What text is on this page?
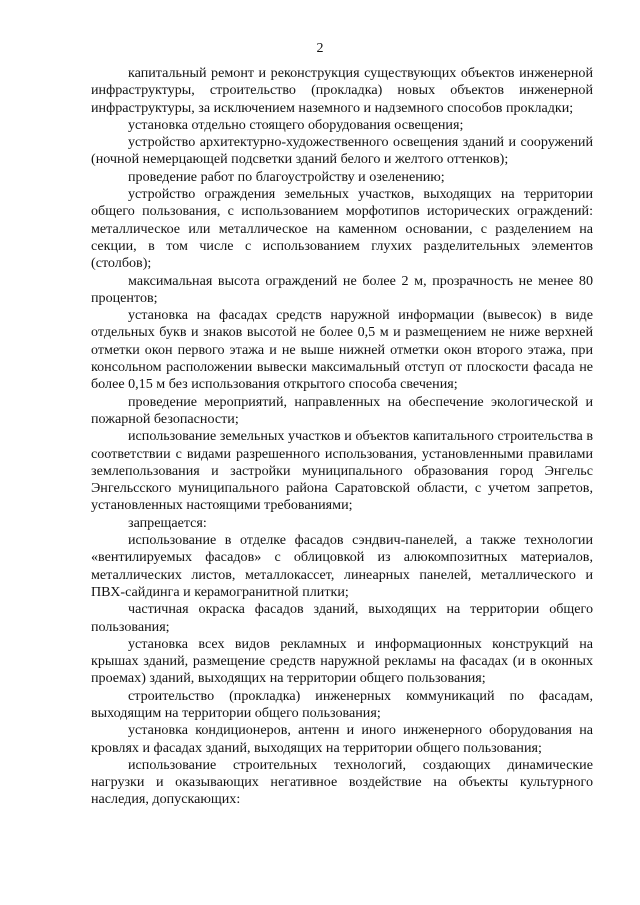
2

капитальный ремонт и реконструкция существующих объектов инженерной инфраструктуры, строительство (прокладка) новых объектов инженерной инфраструктуры, за исключением наземного и надземного способов прокладки;

установка отдельно стоящего оборудования освещения;

устройство архитектурно-художественного освещения зданий и сооружений (ночной немерцающей подсветки зданий белого и желтого оттенков);

проведение работ по благоустройству и озеленению;

устройство ограждения земельных участков, выходящих на территории общего пользования, с использованием морфотипов исторических ограждений: металлическое или металлическое на каменном основании, с разделением на секции, в том числе с использованием глухих разделительных элементов (столбов);

максимальная высота ограждений не более 2 м, прозрачность не менее 80 процентов;

установка на фасадах средств наружной информации (вывесок) в виде отдельных букв и знаков высотой не более 0,5 м и размещением не ниже верхней отметки окон первого этажа и не выше нижней отметки окон второго этажа, при консольном расположении вывески максимальный отступ от плоскости фасада не более 0,15 м без использования открытого способа свечения;

проведение мероприятий, направленных на обеспечение экологической и пожарной безопасности;

использование земельных участков и объектов капитального строительства в соответствии с видами разрешенного использования, установленными правилами землепользования и застройки муниципального образования город Энгельс Энгельсского муниципального района Саратовской области, с учетом запретов, установленных настоящими требованиями;

запрещается:

использование в отделке фасадов сэндвич-панелей, а также технологии «вентилируемых фасадов» с облицовкой из алюкомпозитных материалов, металлических листов, металлокассет, линеарных панелей, металлического и ПВХ-сайдинга и керамогранитной плитки;

частичная окраска фасадов зданий, выходящих на территории общего пользования;

установка всех видов рекламных и информационных конструкций на крышах зданий, размещение средств наружной рекламы на фасадах (и в оконных проемах) зданий, выходящих на территории общего пользования;

строительство (прокладка) инженерных коммуникаций по фасадам, выходящим на территории общего пользования;

установка кондиционеров, антенн и иного инженерного оборудования на кровлях и фасадах зданий, выходящих на территории общего пользования;

использование строительных технологий, создающих динамические нагрузки и оказывающих негативное воздействие на объекты культурного наследия, допускающих:
